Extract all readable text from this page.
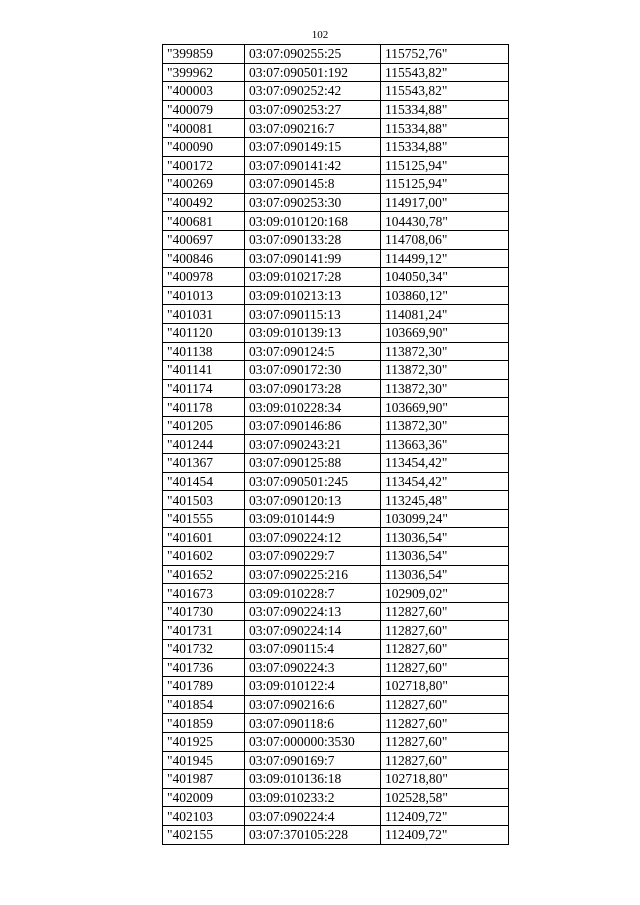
102
"399859	03:07:090255:25	115752,76"
"399962	03:07:090501:192	115543,82"
"400003	03:07:090252:42	115543,82"
"400079	03:07:090253:27	115334,88"
"400081	03:07:090216:7	115334,88"
"400090	03:07:090149:15	115334,88"
"400172	03:07:090141:42	115125,94"
"400269	03:07:090145:8	115125,94"
"400492	03:07:090253:30	114917,00"
"400681	03:09:010120:168	104430,78"
"400697	03:07:090133:28	114708,06"
"400846	03:07:090141:99	114499,12"
"400978	03:09:010217:28	104050,34"
"401013	03:09:010213:13	103860,12"
"401031	03:07:090115:13	114081,24"
"401120	03:09:010139:13	103669,90"
"401138	03:07:090124:5	113872,30"
"401141	03:07:090172:30	113872,30"
"401174	03:07:090173:28	113872,30"
"401178	03:09:010228:34	103669,90"
"401205	03:07:090146:86	113872,30"
"401244	03:07:090243:21	113663,36"
"401367	03:07:090125:88	113454,42"
"401454	03:07:090501:245	113454,42"
"401503	03:07:090120:13	113245,48"
"401555	03:09:010144:9	103099,24"
"401601	03:07:090224:12	113036,54"
"401602	03:07:090229:7	113036,54"
"401652	03:07:090225:216	113036,54"
"401673	03:09:010228:7	102909,02"
"401730	03:07:090224:13	112827,60"
"401731	03:07:090224:14	112827,60"
"401732	03:07:090115:4	112827,60"
"401736	03:07:090224:3	112827,60"
"401789	03:09:010122:4	102718,80"
"401854	03:07:090216:6	112827,60"
"401859	03:07:090118:6	112827,60"
"401925	03:07:000000:3530	112827,60"
"401945	03:07:090169:7	112827,60"
"401987	03:09:010136:18	102718,80"
"402009	03:09:010233:2	102528,58"
"402103	03:07:090224:4	112409,72"
"402155	03:07:370105:228	112409,72"
